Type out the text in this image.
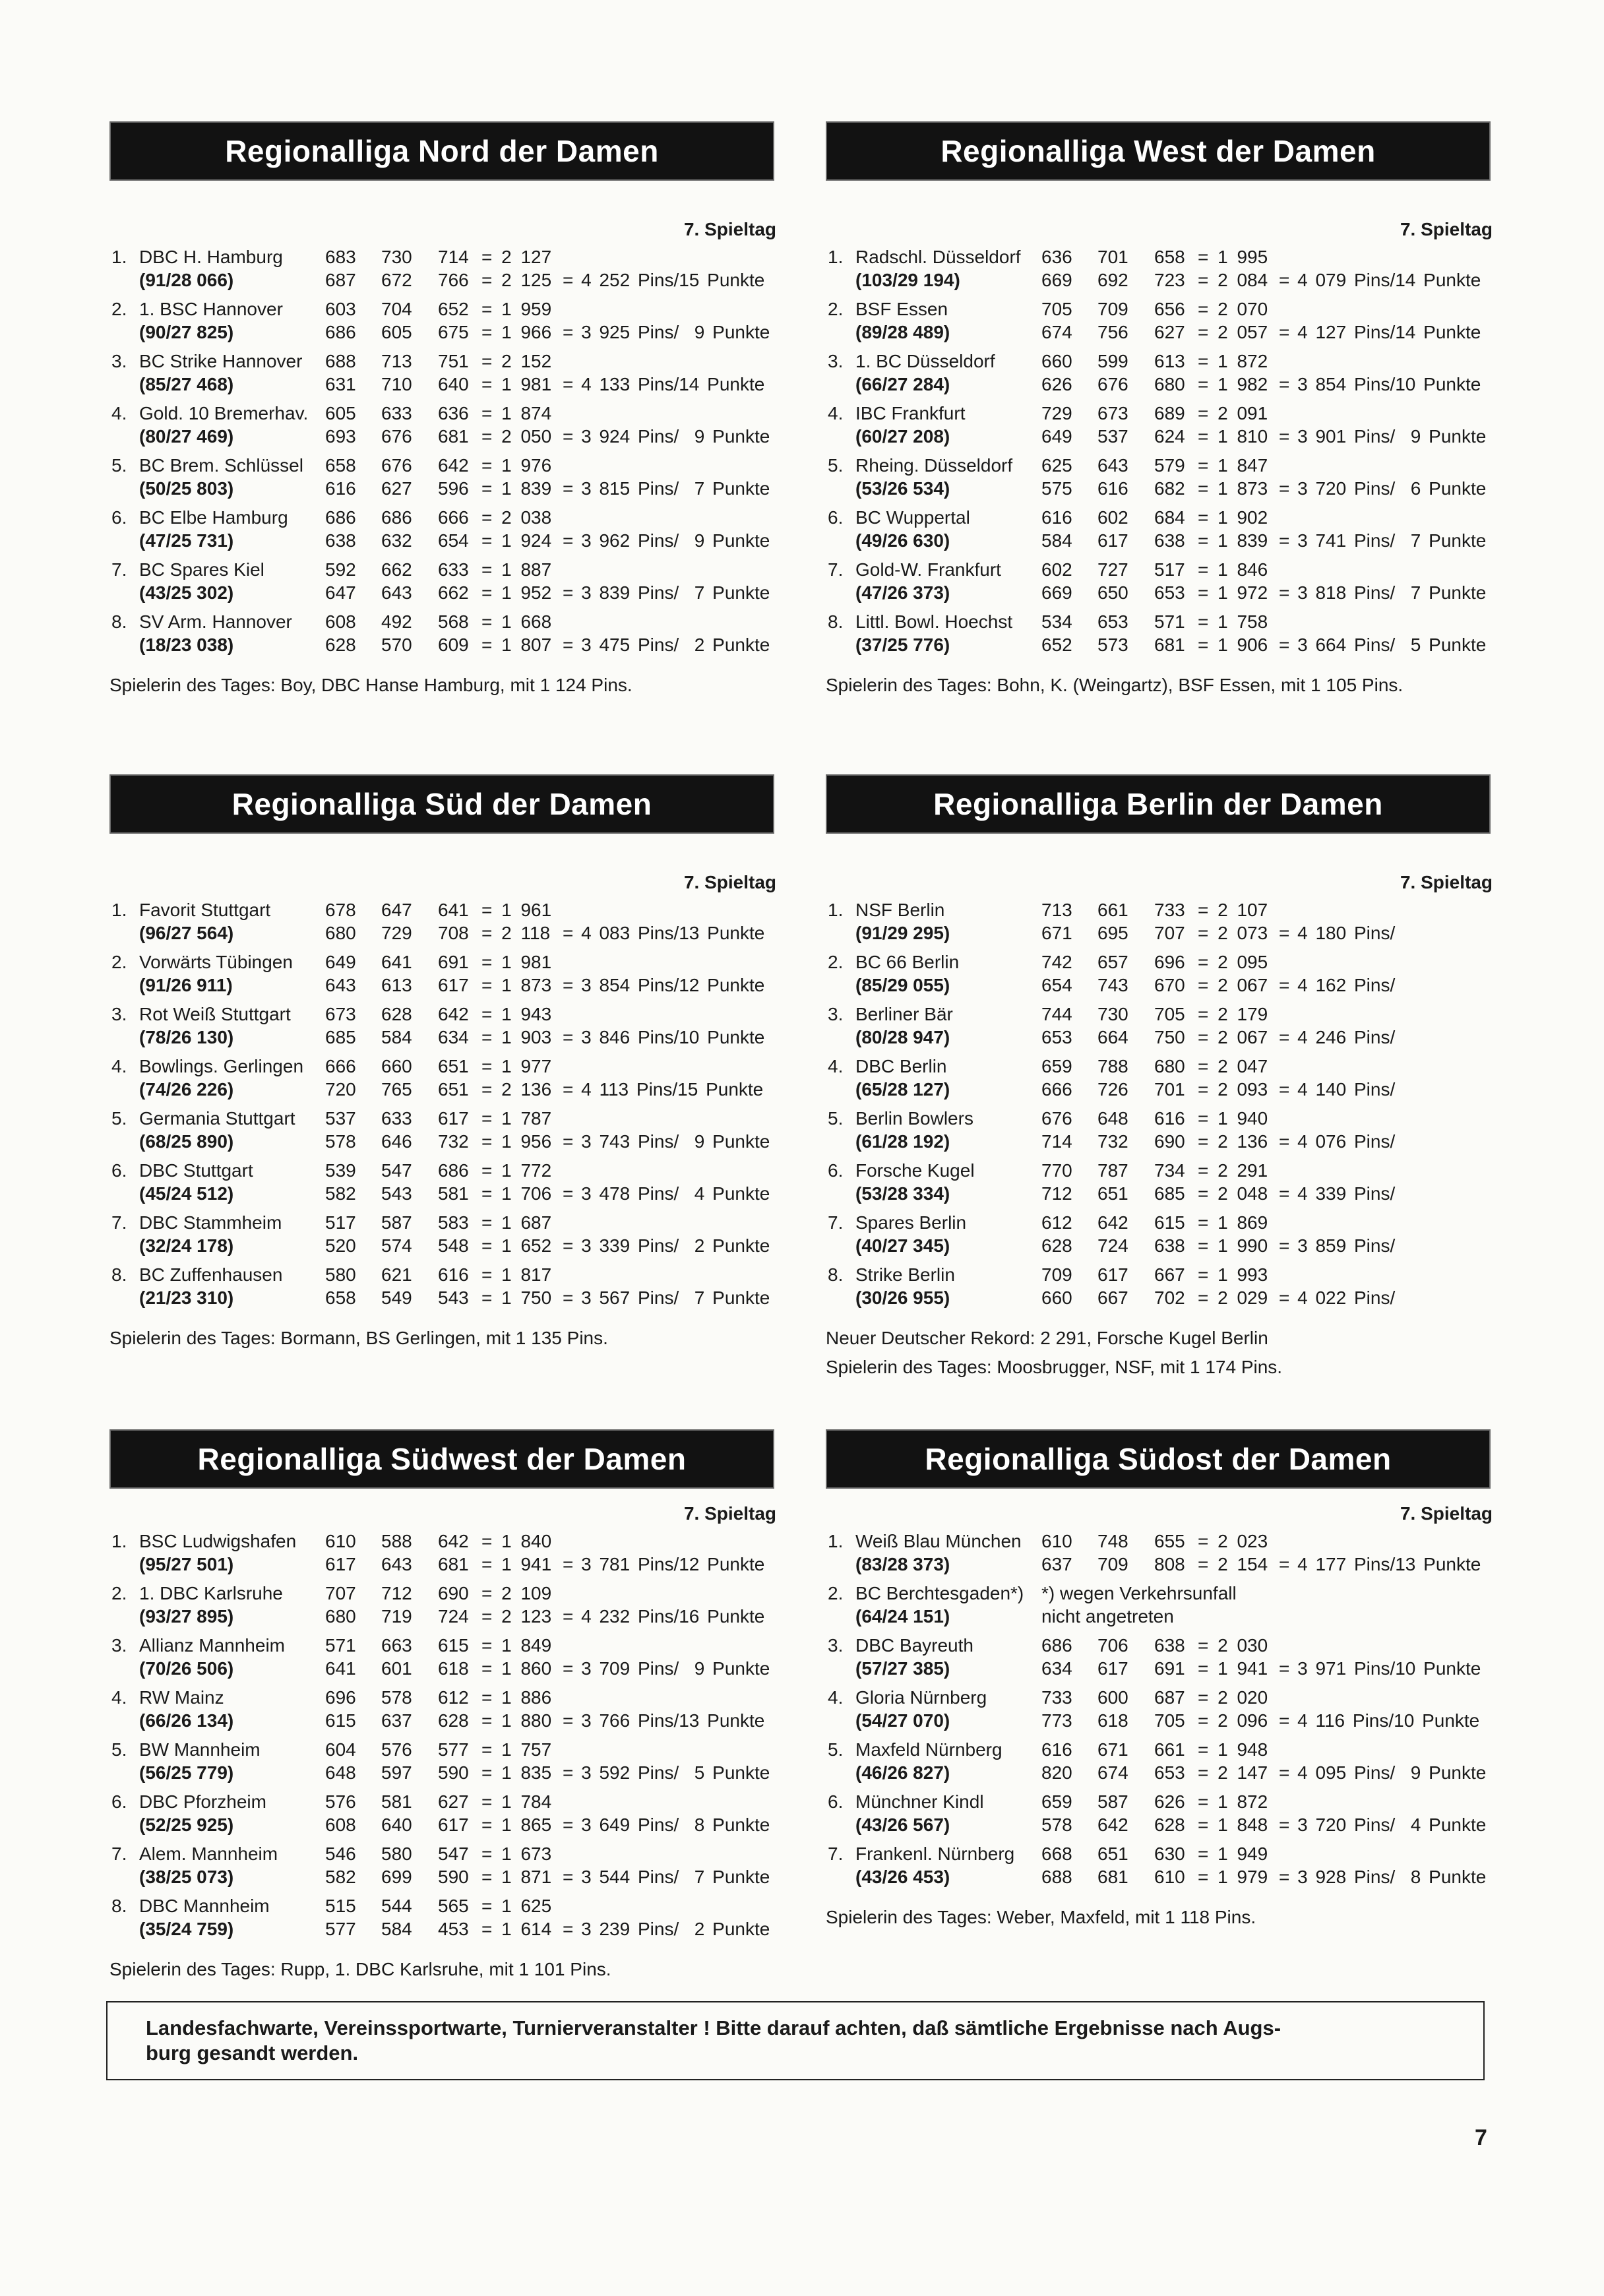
Regionalliga Nord der Damen
7. Spieltag
1. DBC H. Hamburg 683 730 714 = 2 127
(91/28 066)	687 672 766 = 2 125 = 4 252 Pins/15 Punkte
2. 1. BSC Hannover 603 704 652 = 1 959
(90/27 825)	686 605 675 = 1 966 = 3 925 Pins/  9 Punkte
3. BC Strike Hannover 688 713 751 = 2 152
(85/27 468)	631 710 640 = 1 981 = 4 133 Pins/14 Punkte
4. Gold. 10 Bremerhav. 605 633 636 = 1 874
(80/27 469)	693 676 681 = 2 050 = 3 924 Pins/  9 Punkte
5. BC Brem. Schlüssel 658 676 642 = 1 976
(50/25 803)	616 627 596 = 1 839 = 3 815 Pins/  7 Punkte
6. BC Elbe Hamburg 686 686 666 = 2 038
(47/25 731)	638 632 654 = 1 924 = 3 962 Pins/  9 Punkte
7. BC Spares Kiel	592 662 633 = 1 887
(43/25 302)	647 643 662 = 1 952 = 3 839 Pins/  7 Punkte
8. SV Arm. Hannover 608 492 568 = 1 668
(18/23 038)	628 570 609 = 1 807 = 3 475 Pins/  2 Punkte
Spielerin des Tages: Boy, DBC Hanse Hamburg, mit 1 124 Pins.
Regionalliga West der Damen
7. Spieltag
1. Radschl. Düsseldorf 636 701 658 = 1 995
(103/29 194)	669 692 723 = 2 084 = 4 079 Pins/14 Punkte
2. BSF Essen	705 709 656 = 2 070
(89/28 489)	674 756 627 = 2 057 = 4 127 Pins/14 Punkte
3. 1. BC Düsseldorf	660 599 613 = 1 872
(66/27 284)	626 676 680 = 1 982 = 3 854 Pins/10 Punkte
4. IBC Frankfurt	729 673 689 = 2 091
(60/27 208)	649 537 624 = 1 810 = 3 901 Pins/  9 Punkte
5. Rheing. Düsseldorf 625 643 579 = 1 847
(53/26 534)	575 616 682 = 1 873 = 3 720 Pins/  6 Punkte
6. BC Wuppertal	616 602 684 = 1 902
(49/26 630)	584 617 638 = 1 839 = 3 741 Pins/  7 Punkte
7. Gold-W. Frankfurt 602 727 517 = 1 846
(47/26 373)	669 650 653 = 1 972 = 3 818 Pins/  7 Punkte
8. Littl. Bowl. Hoechst 534 653 571 = 1 758
(37/25 776)	652 573 681 = 1 906 = 3 664 Pins/  5 Punkte
Spielerin des Tages: Bohn, K. (Weingartz), BSF Essen, mit 1 105 Pins.
Regionalliga Süd der Damen
7. Spieltag
1. Favorit Stuttgart	678 647 641 = 1 961
(96/27 564)	680 729 708 = 2 118 = 4 083 Pins/13 Punkte
2. Vorwärts Tübingen 649 641 691 = 1 981
(91/26 911)	643 613 617 = 1 873 = 3 854 Pins/12 Punkte
3. Rot Weiß Stuttgart 673 628 642 = 1 943
(78/26 130)	685 584 634 = 1 903 = 3 846 Pins/10 Punkte
4. Bowlings. Gerlingen 666 660 651 = 1 977
(74/26 226)	720 765 651 = 2 136 = 4 113 Pins/15 Punkte
5. Germania Stuttgart 537 633 617 = 1 787
(68/25 890)	578 646 732 = 1 956 = 3 743 Pins/  9 Punkte
6. DBC Stuttgart	539 547 686 = 1 772
(45/24 512)	582 543 581 = 1 706 = 3 478 Pins/  4 Punkte
7. DBC Stammheim 517 587 583 = 1 687
(32/24 178)	520 574 548 = 1 652 = 3 339 Pins/  2 Punkte
8. BC Zuffenhausen 580 621 616 = 1 817
(21/23 310)	658 549 543 = 1 750 = 3 567 Pins/  7 Punkte
Spielerin des Tages: Bormann, BS Gerlingen, mit 1 135 Pins.
Regionalliga Berlin der Damen
7. Spieltag
1. NSF Berlin	713 661 733 = 2 107
(91/29 295)	671 695 707 = 2 073 = 4 180 Pins/
2. BC 66 Berlin	742 657 696 = 2 095
(85/29 055)	654 743 670 = 2 067 = 4 162 Pins/
3. Berliner Bär	744 730 705 = 2 179
(80/28 947)	653 664 750 = 2 067 = 4 246 Pins/
4. DBC Berlin	659 788 680 = 2 047
(65/28 127)	666 726 701 = 2 093 = 4 140 Pins/
5. Berlin Bowlers	676 648 616 = 1 940
(61/28 192)	714 732 690 = 2 136 = 4 076 Pins/
6. Forsche Kugel	770 787 734 = 2 291
(53/28 334)	712 651 685 = 2 048 = 4 339 Pins/
7. Spares Berlin	612 642 615 = 1 869
(40/27 345)	628 724 638 = 1 990 = 3 859 Pins/
8. Strike Berlin	709 617 667 = 1 993
(30/26 955)	660 667 702 = 2 029 = 4 022 Pins/
Neuer Deutscher Rekord: 2 291, Forsche Kugel Berlin
Spielerin des Tages: Moosbrugger, NSF, mit 1 174 Pins.
Regionalliga Südwest der Damen
7. Spieltag
1. BSC Ludwigshafen 610 588 642 = 1 840
(95/27 501)	617 643 681 = 1 941 = 3 781 Pins/12 Punkte
2. 1. DBC Karlsruhe 707 712 690 = 2 109
(93/27 895)	680 719 724 = 2 123 = 4 232 Pins/16 Punkte
3. Allianz Mannheim 571 663 615 = 1 849
(70/26 506)	641 601 618 = 1 860 = 3 709 Pins/  9 Punkte
4. RW Mainz	696 578 612 = 1 886
(66/26 134)	615 637 628 = 1 880 = 3 766 Pins/13 Punkte
5. BW Mannheim	604 576 577 = 1 757
(56/25 779)	648 597 590 = 1 835 = 3 592 Pins/  5 Punkte
6. DBC Pforzheim	576 581 627 = 1 784
(52/25 925)	608 640 617 = 1 865 = 3 649 Pins/  8 Punkte
7. Alem. Mannheim	546 580 547 = 1 673
(38/25 073)	582 699 590 = 1 871 = 3 544 Pins/  7 Punkte
8. DBC Mannheim	515 544 565 = 1 625
(35/24 759)	577 584 453 = 1 614 = 3 239 Pins/  2 Punkte
Spielerin des Tages: Rupp, 1. DBC Karlsruhe, mit 1 101 Pins.
Regionalliga Südost der Damen
7. Spieltag
1. Weiß Blau München 610 748 655 = 2 023
(83/28 373)	637 709 808 = 2 154 = 4 177 Pins/13 Punkte
2. BC Berchtesgaden*) *) wegen Verkehrsunfall
(64/24 151)	nicht angetreten
3. DBC Bayreuth	686 706 638 = 2 030
(57/27 385)	634 617 691 = 1 941 = 3 971 Pins/10 Punkte
4. Gloria Nürnberg	733 600 687 = 2 020
(54/27 070)	773 618 705 = 2 096 = 4 116 Pins/10 Punkte
5. Maxfeld Nürnberg 616 671 661 = 1 948
(46/26 827)	820 674 653 = 2 147 = 4 095 Pins/  9 Punkte
6. Münchner Kindl	659 587 626 = 1 872
(43/26 567)	578 642 628 = 1 848 = 3 720 Pins/  4 Punkte
7. Frankenl. Nürnberg 668 651 630 = 1 949
(43/26 453)	688 681 610 = 1 979 = 3 928 Pins/  8 Punkte
Spielerin des Tages: Weber, Maxfeld, mit 1 118 Pins.
Landesfachwarte, Vereinssportwarte, Turnierveranstalter ! Bitte darauf achten, daß sämtliche Ergebnisse nach Augs-
burg gesandt werden.
7
